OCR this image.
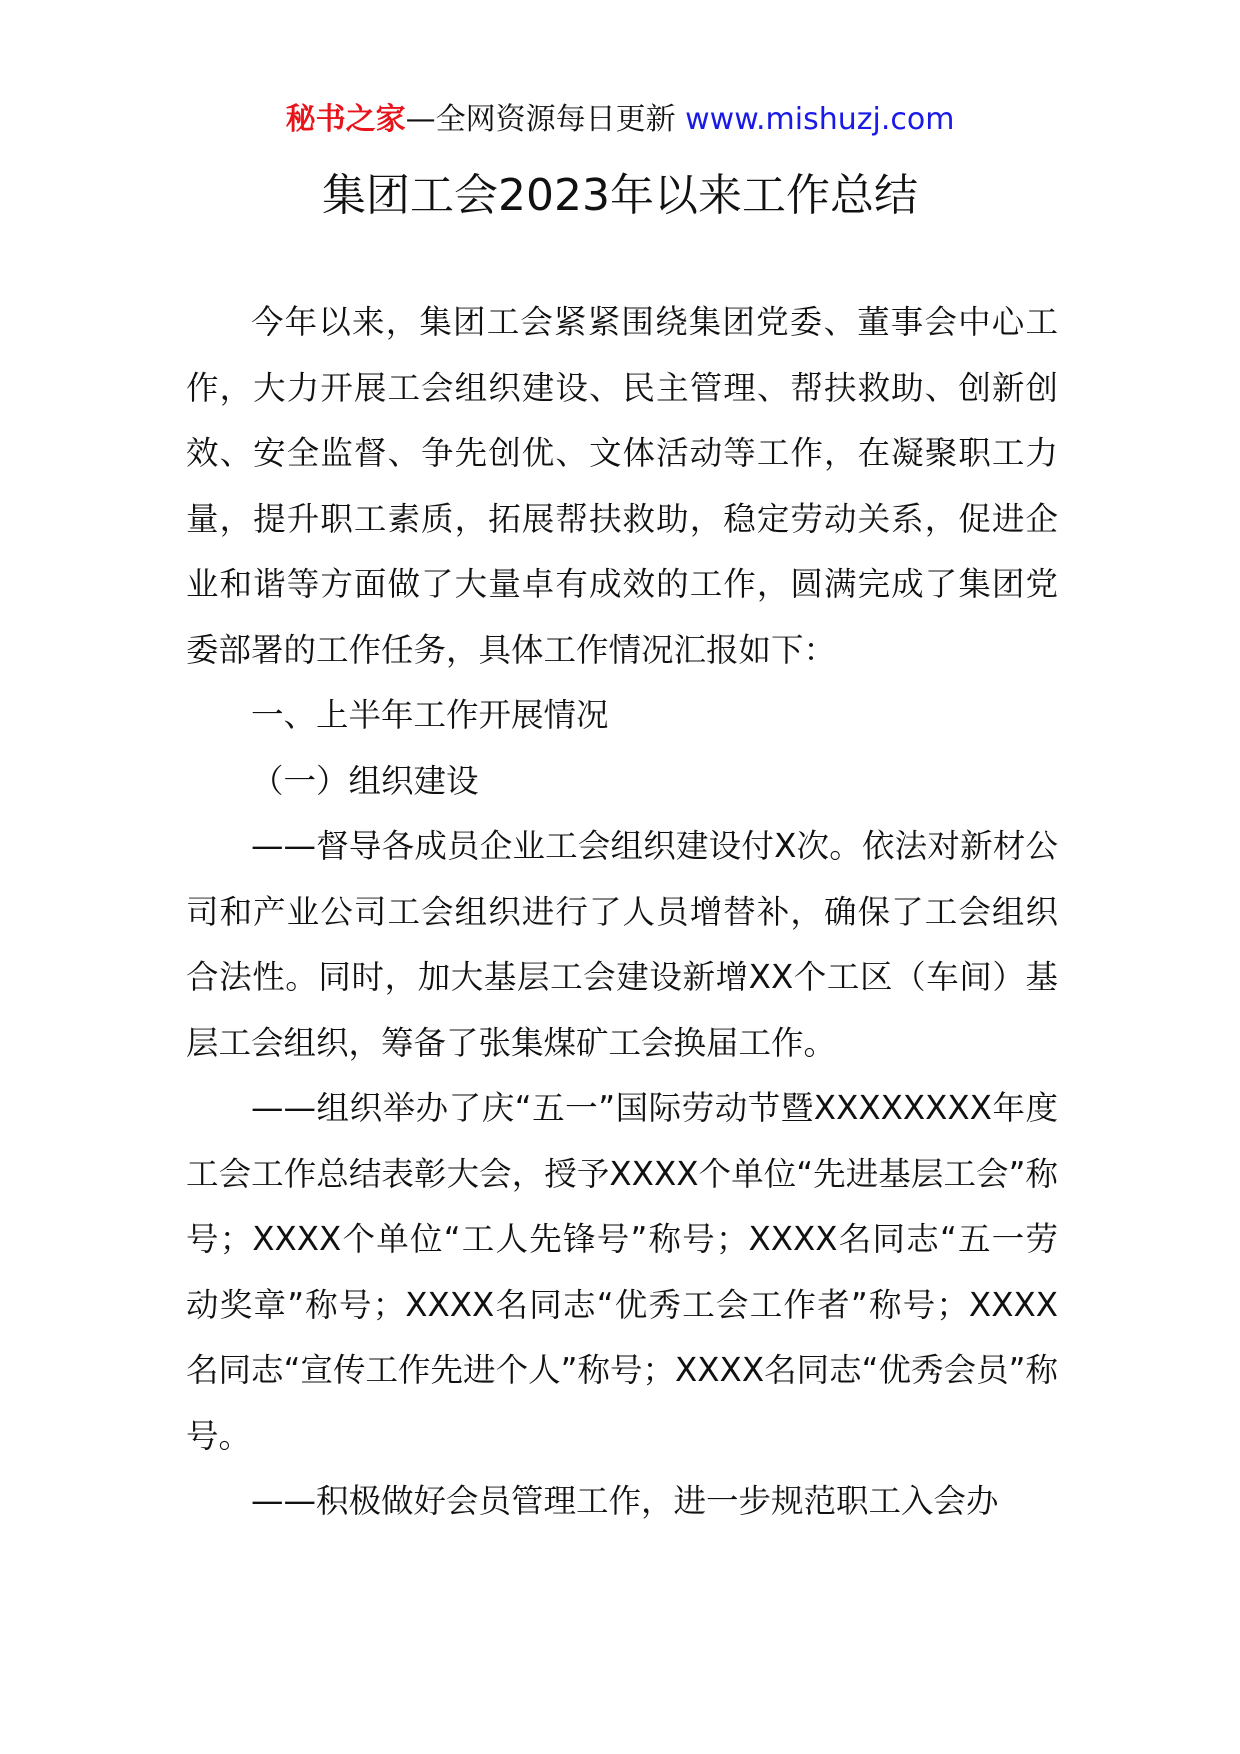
秘书之家—全网资源每日更新 www.mishuzj.com
集团工会2023年以来工作总结

今年以来，集团工会紧紧围绕集团党委、董事会中心工作，大力开展工会组织建设、民主管理、帮扶救助、创新创效、安全监督、争先创优、文体活动等工作，在凝聚职工力量，提升职工素质，拓展帮扶救助，稳定劳动关系，促进企业和谐等方面做了大量卓有成效的工作，圆满完成了集团党委部署的工作任务，具体工作情况汇报如下：

一、上半年工作开展情况

（一）组织建设

——督导各成员企业工会组织建设付X次。依法对新材公司和产业公司工会组织进行了人员增替补，确保了工会组织合法性。同时，加大基层工会建设新增XX个工区（车间）基层工会组织，筹备了张集煤矿工会换届工作。

——组织举办了庆“五一”国际劳动节暨XXXXXXXX年度工会工作总结表彰大会，授予XXXX个单位“先进基层工会”称号；XXXX个单位“工人先锋号”称号；XXXX名同志“五一劳动奖章”称号；XXXX名同志“优秀工会工作者”称号；XXXX名同志“宣传工作先进个人”称号；XXXX名同志“优秀会员”称号。

——积极做好会员管理工作，进一步规范职工入会办
